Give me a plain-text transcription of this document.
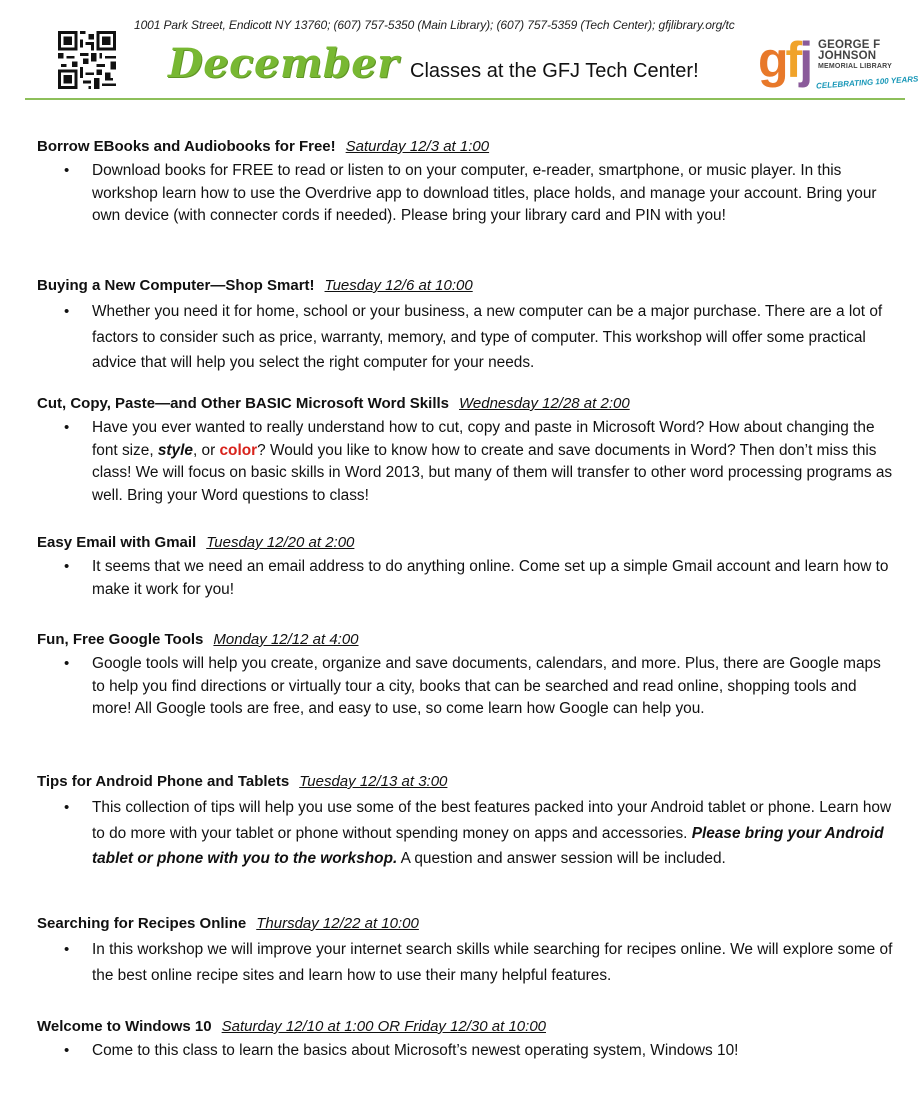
1001 Park Street, Endicott NY 13760; (607) 757-5350 (Main Library); (607) 757-5359 (Tech Center); gfjlibrary.org/tc
December Classes at the GFJ Tech Center! gfj GEORGE F
JOHNSON
MEMORIAL LIBRARY
CELEBRATING 100 YEARS
Borrow EBooks and Audiobooks for Free! Saturday 12/3 at 1:00
• Download books for FREE to read or listen to on your computer, e-reader, smartphone, or music player. In this workshop learn how to use the Overdrive app to download titles, place holds, and manage your account. Bring your own device (with connecter cords if needed). Please bring your library card and PIN with you!
Buying a New Computer—Shop Smart! Tuesday 12/6 at 10:00
• Whether you need it for home, school or your business, a new computer can be a major purchase. There are a lot of factors to consider such as price, warranty, memory, and type of computer. This workshop will offer some practical advice that will help you select the right computer for your needs.
Cut, Copy, Paste—and Other BASIC Microsoft Word Skills Wednesday 12/28 at 2:00
• Have you ever wanted to really understand how to cut, copy and paste in Microsoft Word? How about changing the font size, style, or color? Would you like to know how to create and save documents in Word? Then don’t miss this class! We will focus on basic skills in Word 2013, but many of them will transfer to other word processing programs as well. Bring your Word questions to class!
Easy Email with Gmail Tuesday 12/20 at 2:00
• It seems that we need an email address to do anything online. Come set up a simple Gmail account and learn how to make it work for you!
Fun, Free Google Tools Monday 12/12 at 4:00
• Google tools will help you create, organize and save documents, calendars, and more. Plus, there are Google maps to help you find directions or virtually tour a city, books that can be searched and read online, shopping tools and more! All Google tools are free, and easy to use, so come learn how Google can help you.
Tips for Android Phone and Tablets Tuesday 12/13 at 3:00
• This collection of tips will help you use some of the best features packed into your Android tablet or phone. Learn how to do more with your tablet or phone without spending money on apps and accessories. Please bring your Android tablet or phone with you to the workshop. A question and answer session will be included.
Searching for Recipes Online Thursday 12/22 at 10:00
• In this workshop we will improve your internet search skills while searching for recipes online. We will explore some of the best online recipe sites and learn how to use their many helpful features.
Welcome to Windows 10 Saturday 12/10 at 1:00 OR Friday 12/30 at 10:00
• Come to this class to learn the basics about Microsoft’s newest operating system, Windows 10!
